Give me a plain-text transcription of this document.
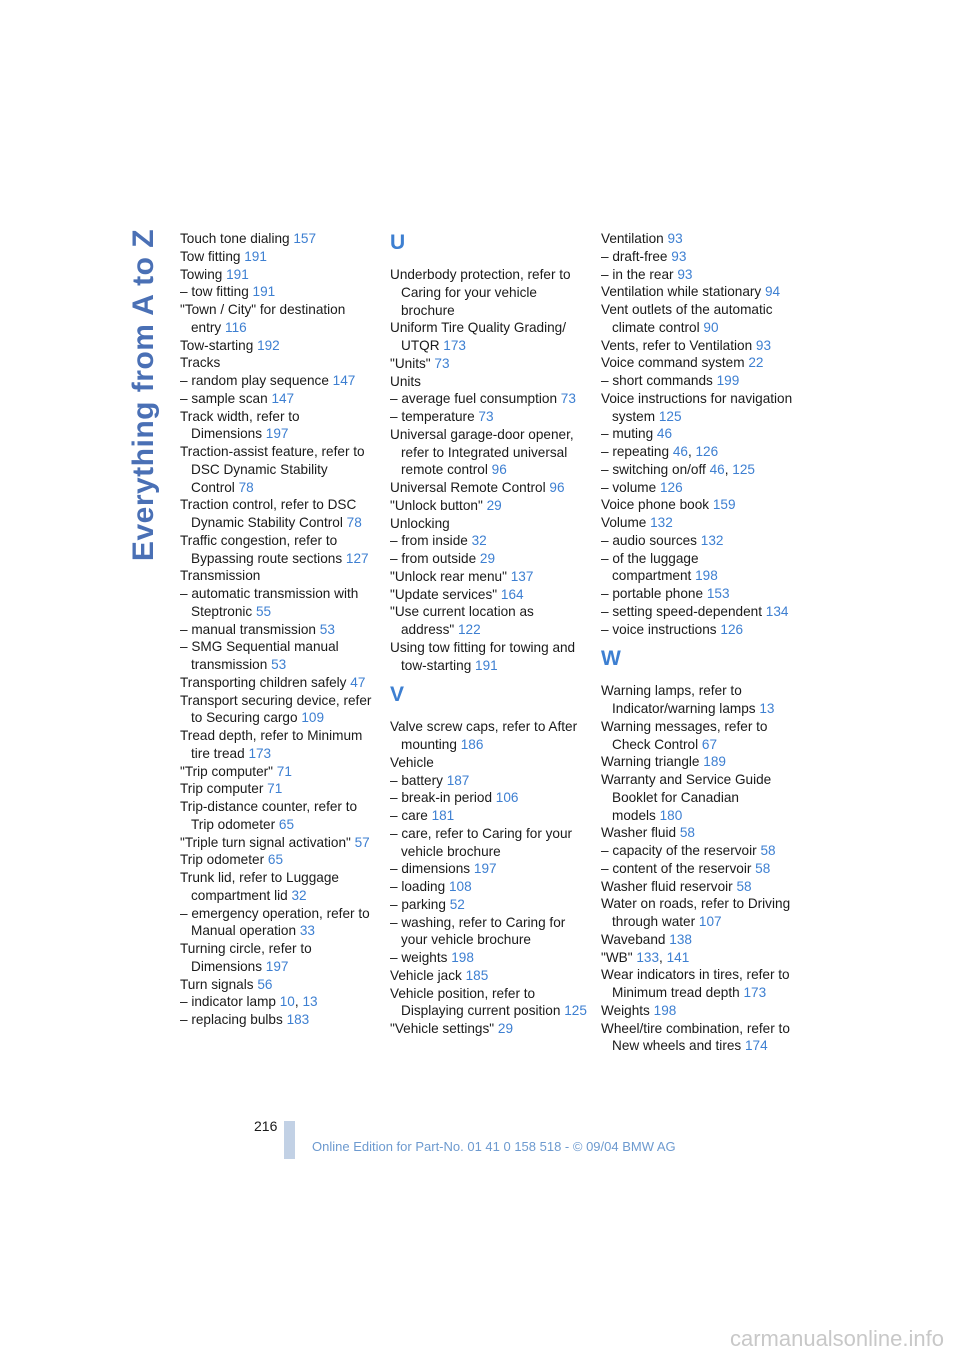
Everything from A to Z Touch tone dialing 157
Tow fitting 191
Towing 191
– tow fitting 191
"Town / City" for destination entry 116
Tow-starting 192
Tracks
– random play sequence 147
– sample scan 147
Track width, refer to Dimensions 197
Traction-assist feature, refer to DSC Dynamic Stability Control 78
Traction control, refer to DSC Dynamic Stability Control 78
Traffic congestion, refer to Bypassing route sections 127
Transmission
– automatic transmission with Steptronic 55
– manual transmission 53
– SMG Sequential manual transmission 53
Transporting children safely 47
Transport securing device, refer to Securing cargo 109
Tread depth, refer to Minimum tire tread 173
"Trip computer" 71
Trip computer 71
Trip-distance counter, refer to Trip odometer 65
"Triple turn signal activation" 57
Trip odometer 65
Trunk lid, refer to Luggage compartment lid 32
– emergency operation, refer to Manual operation 33
Turning circle, refer to Dimensions 197
Turn signals 56
– indicator lamp 10, 13
– replacing bulbs 183
U
Underbody protection, refer to Caring for your vehicle brochure
Uniform Tire Quality Grading/ UTQR 173
"Units" 73
Units
– average fuel consumption 73
– temperature 73
Universal garage-door opener, refer to Integrated universal remote control 96
Universal Remote Control 96
"Unlock button" 29
Unlocking
– from inside 32
– from outside 29
"Unlock rear menu" 137
"Update services" 164
"Use current location as address" 122
Using tow fitting for towing and tow-starting 191
V
Valve screw caps, refer to After mounting 186
Vehicle
– battery 187
– break-in period 106
– care 181
– care, refer to Caring for your vehicle brochure
– dimensions 197
– loading 108
– parking 52
– washing, refer to Caring for your vehicle brochure
– weights 198
Vehicle jack 185
Vehicle position, refer to Displaying current position 125
"Vehicle settings" 29
Ventilation 93
– draft-free 93
– in the rear 93
Ventilation while stationary 94
Vent outlets of the automatic climate control 90
Vents, refer to Ventilation 93
Voice command system 22
– short commands 199
Voice instructions for navigation system 125
– muting 46
– repeating 46, 126
– switching on/off 46, 125
– volume 126
Voice phone book 159
Volume 132
– audio sources 132
– of the luggage compartment 198
– portable phone 153
– setting speed-dependent 134
– voice instructions 126
W
Warning lamps, refer to Indicator/warning lamps 13
Warning messages, refer to Check Control 67
Warning triangle 189
Warranty and Service Guide Booklet for Canadian models 180
Washer fluid 58
– capacity of the reservoir 58
– content of the reservoir 58
Washer fluid reservoir 58
Water on roads, refer to Driving through water 107
Waveband 138
"WB" 133, 141
Wear indicators in tires, refer to Minimum tread depth 173
Weights 198
Wheel/tire combination, refer to New wheels and tires 174
216
Online Edition for Part-No. 01 41 0 158 518 - © 09/04 BMW AG
carmanualsonline.info
